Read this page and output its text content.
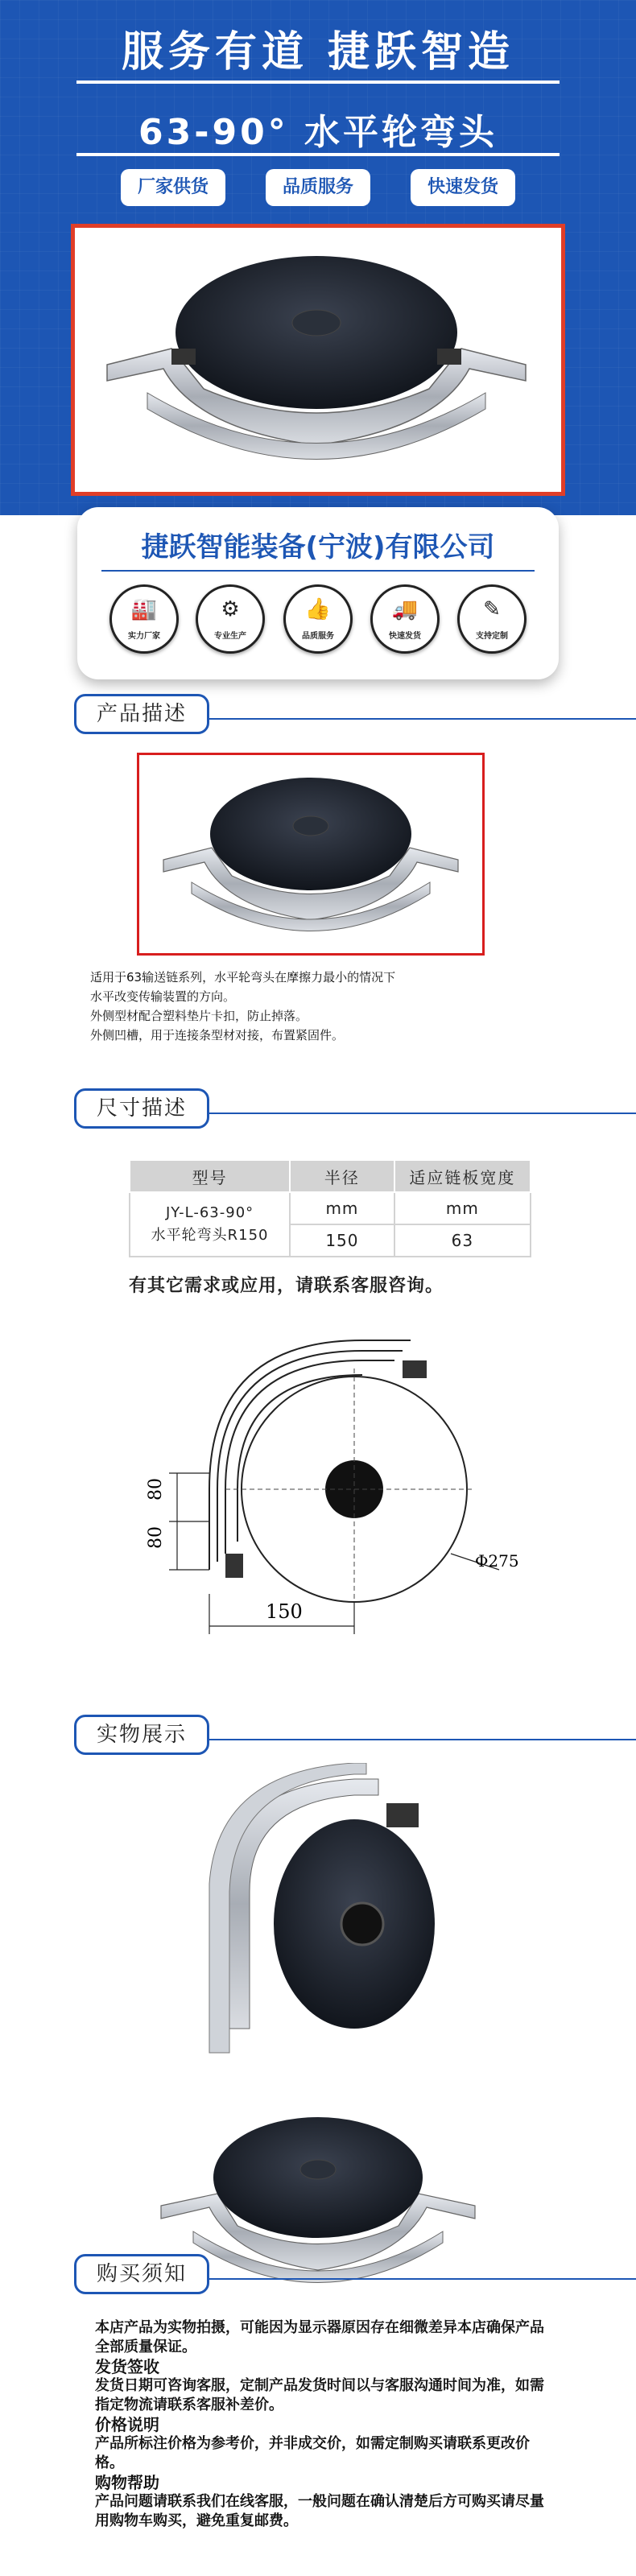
服务有道 捷跃智造
63-90° 水平轮弯头
厂家供货	品质服务	快速发货
捷跃智能装备(宁波)有限公司
🏭
实力厂家
⚙
专业生产
👍
品质服务
🚚
快速发货
✎
支持定制
产品描述

适用于63输送链系列，水平轮弯头在摩擦力最小的情况下

水平改变传输装置的方向。

外侧型材配合塑料垫片卡扣，防止掉落。

外侧凹槽，用于连接条型材对接，布置紧固件。

尺寸描述
型号	半径	适应链板宽度
JY-L-63-90°
水平轮弯头R150	mm	mm
	150	63
有其它需求或应用，请联系客服咨询。
80
80
150
Φ275
实物展示
购买须知

本店产品为实物拍摄，可能因为显示器原因存在细微差异本店确保产品全部质量保证。

发货签收

发货日期可咨询客服，定制产品发货时间以与客服沟通时间为准，如需指定物流请联系客服补差价。

价格说明

产品所标注价格为参考价，并非成交价，如需定制购买请联系更改价格。

购物帮助

产品问题请联系我们在线客服，一般问题在确认清楚后方可购买请尽量用购物车购买，避免重复邮费。
